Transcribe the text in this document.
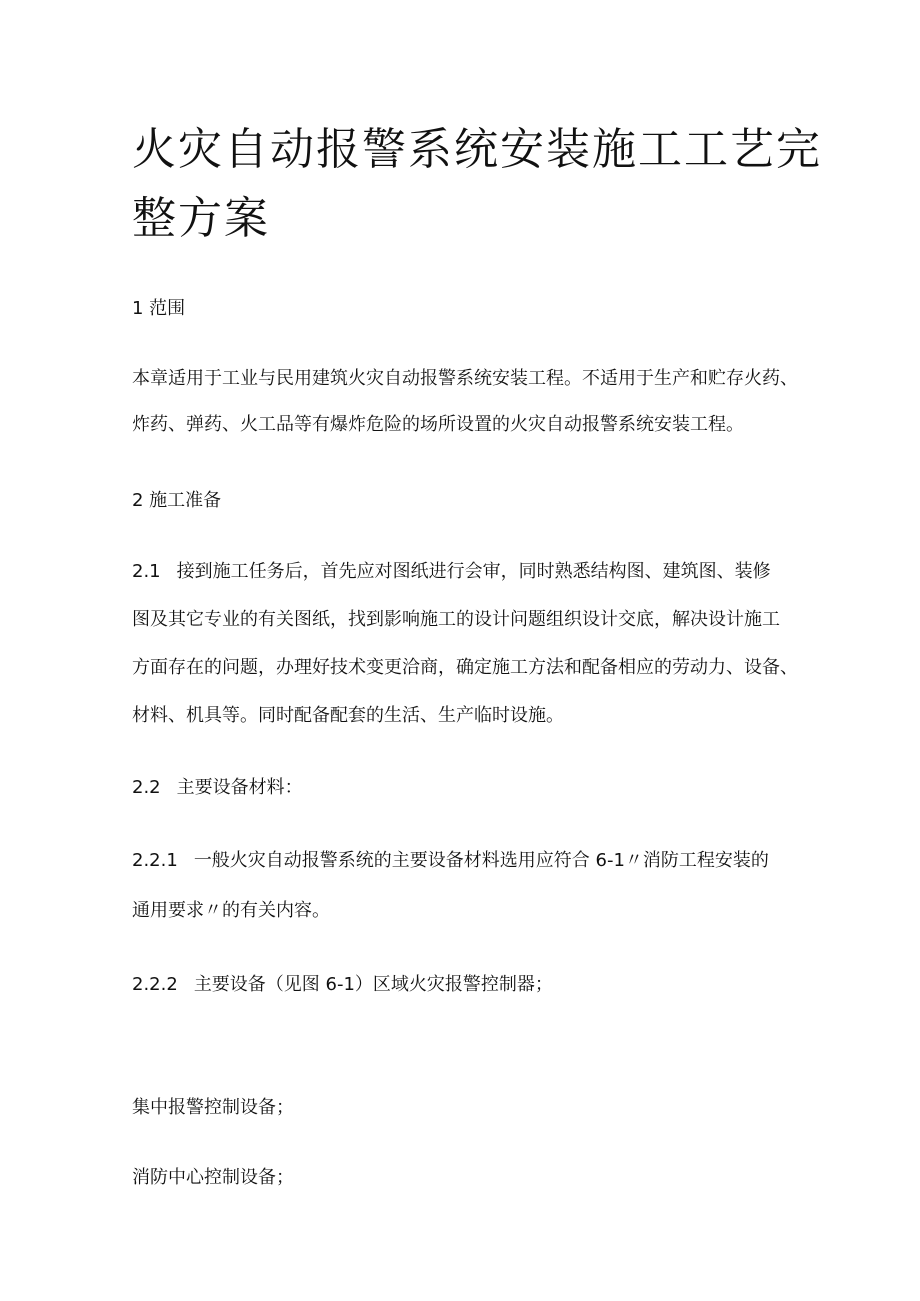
火灾自动报警系统安装施工工艺完
整方案
1 范围
本章适用于工业与民用建筑火灾自动报警系统安装工程。不适用于生产和贮存火药、
炸药、弹药、火工品等有爆炸危险的场所设置的火灾自动报警系统安装工程。
2 施工准备
2.1 接到施工任务后，首先应对图纸进行会审，同时熟悉结构图、建筑图、装修
图及其它专业的有关图纸，找到影响施工的设计问题组织设计交底，解决设计施工
方面存在的问题，办理好技术变更洽商，确定施工方法和配备相应的劳动力、设备、
材料、机具等。同时配备配套的生活、生产临时设施。
2.2 主要设备材料：
2.2.1 一般火灾自动报警系统的主要设备材料选用应符合 6-1〃消防工程安装的
通用要求〃的有关内容。
2.2.2 主要设备（见图 6-1）区域火灾报警控制器；
集中报警控制设备；
消防中心控制设备；
